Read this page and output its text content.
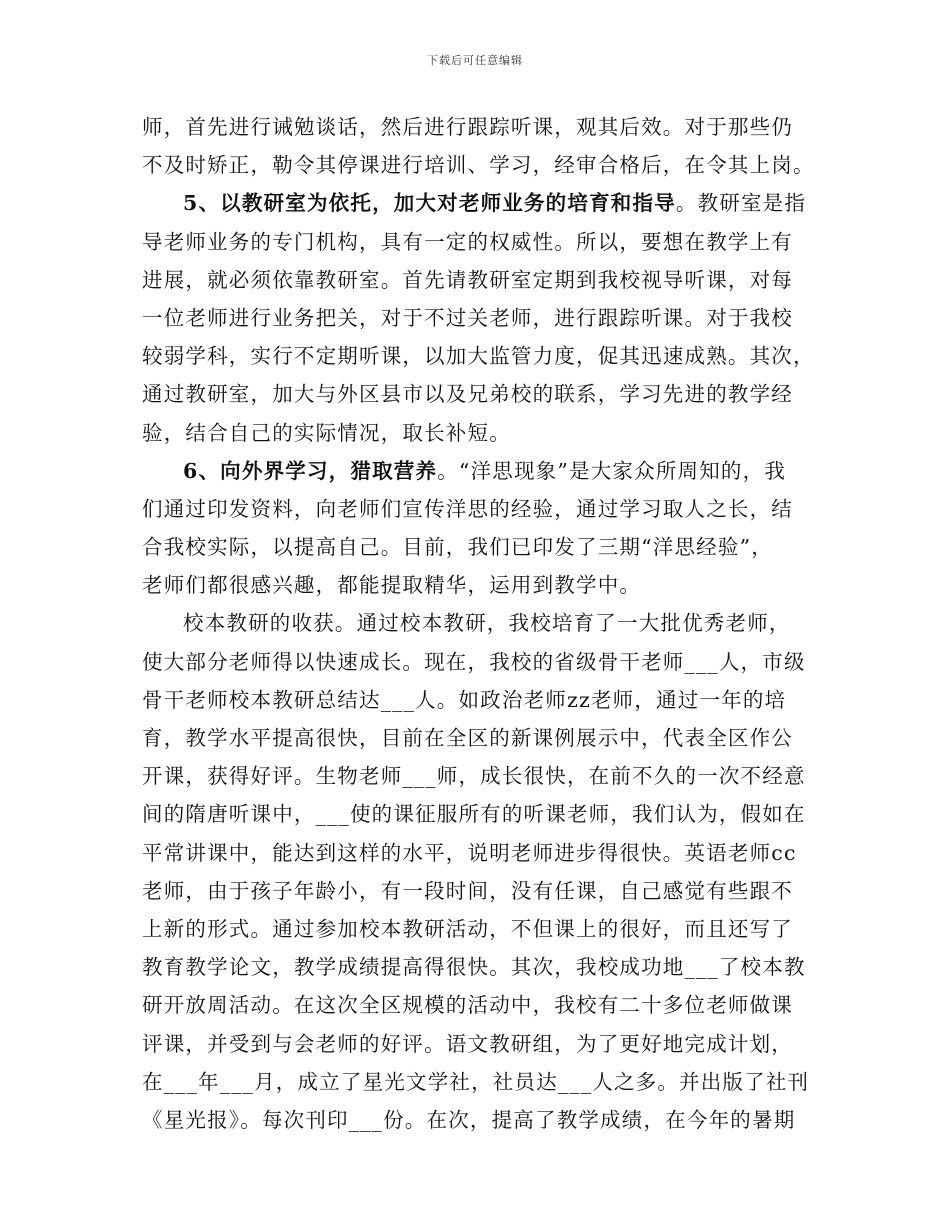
下载后可任意编辑
师，首先进行诫勉谈话，然后进行跟踪听课，观其后效。对于那些仍
不及时矫正，勒令其停课进行培训、学习，经审合格后，在令其上岗。
5、以教研室为依托，加大对老师业务的培育和指导。教研室是指
导老师业务的专门机构，具有一定的权威性。所以，要想在教学上有
进展，就必须依靠教研室。首先请教研室定期到我校视导听课，对每
一位老师进行业务把关，对于不过关老师，进行跟踪听课。对于我校
较弱学科，实行不定期听课，以加大监管力度，促其迅速成熟。其次，
通过教研室，加大与外区县市以及兄弟校的联系，学习先进的教学经
验，结合自己的实际情况，取长补短。
6、向外界学习，猎取营养。“洋思现象”是大家众所周知的，我
们通过印发资料，向老师们宣传洋思的经验，通过学习取人之长，结
合我校实际，以提高自己。目前，我们已印发了三期“洋思经验”，
老师们都很感兴趣，都能提取精华，运用到教学中。
校本教研的收获。通过校本教研，我校培育了一大批优秀老师，
使大部分老师得以快速成长。现在，我校的省级骨干老师___人，市级
骨干老师校本教研总结达___人。如政治老师zz老师，通过一年的培
育，教学水平提高很快，目前在全区的新课例展示中，代表全区作公
开课，获得好评。生物老师___师，成长很快，在前不久的一次不经意
间的隋唐听课中，___使的课征服所有的听课老师，我们认为，假如在
平常讲课中，能达到这样的水平，说明老师进步得很快。英语老师cc
老师，由于孩子年龄小，有一段时间，没有任课，自己感觉有些跟不
上新的形式。通过参加校本教研活动，不但课上的很好，而且还写了
教育教学论文，教学成绩提高得很快。其次，我校成功地___了校本教
研开放周活动。在这次全区规模的活动中，我校有二十多位老师做课
评课，并受到与会老师的好评。语文教研组，为了更好地完成计划，
在___年___月，成立了星光文学社，社员达___人之多。并出版了社刊
《星光报》。每次刊印___份。在次，提高了教学成绩，在今年的暑期
